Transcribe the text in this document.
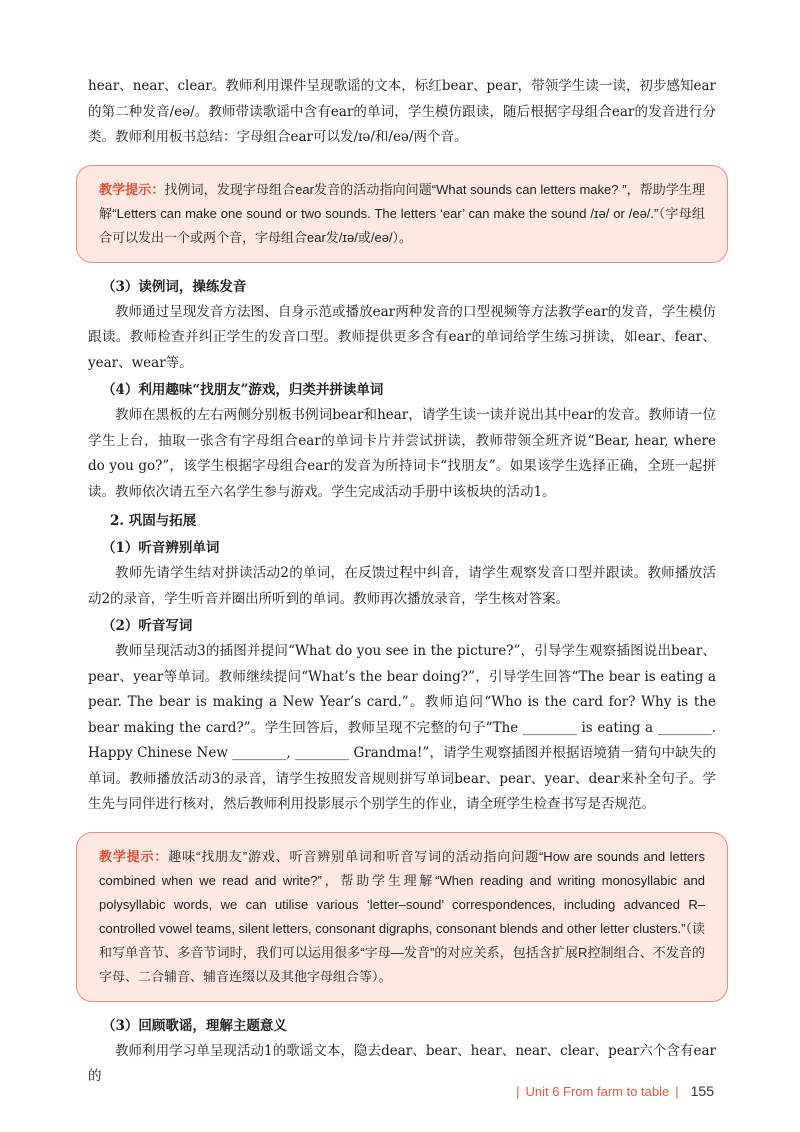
hear、near、clear。教师利用课件呈现歌谣的文本，标红bear、pear，带领学生读一读，初步感知ear的第二种发音/eə/。教师带读歌谣中含有ear的单词，学生模仿跟读，随后根据字母组合ear的发音进行分类。教师利用板书总结：字母组合ear可以发/ɪə/和/eə/两个音。

教学提示：找例词，发现字母组合ear发音的活动指向问题“What sounds can letters make? ”，帮助学生理解“Letters can make one sound or two sounds. The letters ‘ear’ can make the sound /ɪə/ or /eə/.”（字母组合可以发出一个或两个音，字母组合ear发/ɪə/或/eə/）。
（3）读例词，操练发音

教师通过呈现发音方法图、自身示范或播放ear两种发音的口型视频等方法教学ear的发音，学生模仿跟读。教师检查并纠正学生的发音口型。教师提供更多含有ear的单词给学生练习拼读，如ear、fear、year、wear等。

（4）利用趣味“找朋友”游戏，归类并拼读单词

教师在黑板的左右两侧分别板书例词bear和hear，请学生读一读并说出其中ear的发音。教师请一位学生上台，抽取一张含有字母组合ear的单词卡片并尝试拼读，教师带领全班齐说“Bear, hear, where do you go?”，该学生根据字母组合ear的发音为所持词卡“找朋友”。如果该学生选择正确，全班一起拼读。教师依次请五至六名学生参与游戏。学生完成活动手册中该板块的活动1。

2. 巩固与拓展
（1）听音辨别单词

教师先请学生结对拼读活动2的单词，在反馈过程中纠音，请学生观察发音口型并跟读。教师播放活动2的录音，学生听音并圈出所听到的单词。教师再次播放录音，学生核对答案。

（2）听音写词

教师呈现活动3的插图并提问“What do you see in the picture?”，引导学生观察插图说出bear、pear、year等单词。教师继续提问“What’s the bear doing?”，引导学生回答“The bear is eating a pear. The bear is making a New Year’s card.”。教师追问“Who is the card for? Why is the bear making the card?”。学生回答后，教师呈现不完整的句子“The ________ is eating a ________. Happy Chinese New ________, ________ Grandma!”，请学生观察插图并根据语境猜一猜句中缺失的单词。教师播放活动3的录音，请学生按照发音规则拼写单词bear、pear、year、dear来补全句子。学生先与同伴进行核对，然后教师利用投影展示个别学生的作业，请全班学生检查书写是否规范。

教学提示：趣味“找朋友”游戏、听音辨别单词和听音写词的活动指向问题“How are sounds and letters combined when we read and write?”，帮助学生理解“When reading and writing monosyllabic and polysyllabic words, we can utilise various ‘letter–sound’ correspondences, including advanced R–controlled vowel teams, silent letters, consonant digraphs, consonant blends and other letter clusters.”（读和写单音节、多音节词时，我们可以运用很多“字母—发音”的对应关系，包括含扩展R控制组合、不发音的字母、二合辅音、辅音连缀以及其他字母组合等）。
（3）回顾歌谣，理解主题意义

教师利用学习单呈现活动1的歌谣文本，隐去dear、bear、hear、near、clear、pear六个含有ear的

| Unit 6 From farm to table | 155
